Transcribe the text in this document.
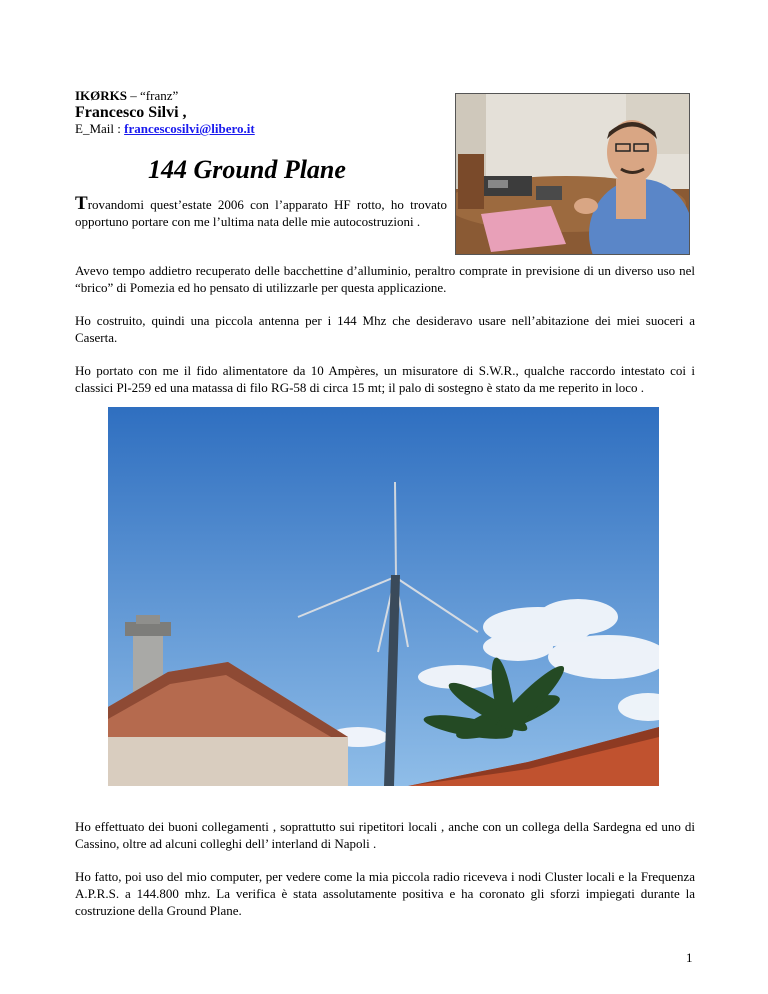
IKØRKS – “franz”
Francesco Silvi ,
E_Mail : francescosilvi@libero.it
144 Ground Plane
Trovandomi quest’estate 2006 con l’apparato HF rotto, ho trovato opportuno portare con me l’ultima nata delle mie autocostruzioni .
Avevo tempo addietro recuperato delle bacchettine d’alluminio, peraltro comprate in previsione di un diverso uso nel “brico” di Pomezia ed ho pensato di utilizzarle per questa applicazione.
Ho costruito, quindi una piccola antenna per i 144 Mhz che desideravo usare nell’abitazione dei miei suoceri a Caserta.
Ho portato con me il fido alimentatore da 10 Ampères, un misuratore di S.W.R., qualche raccordo intestato coi i classici Pl-259 ed una matassa di filo RG-58 di circa 15 mt; il palo di sostegno è stato da me reperito in loco .
Ho effettuato dei buoni collegamenti , soprattutto sui ripetitori locali , anche con un collega della Sardegna ed uno di Cassino, oltre ad alcuni colleghi dell’ interland di Napoli .
Ho fatto, poi uso del mio computer, per vedere come la mia piccola radio riceveva i nodi Cluster locali e la Frequenza A.P.R.S. a 144.800 mhz. La verifica è stata assolutamente positiva e ha coronato gli sforzi impiegati durante la costruzione della Ground Plane.
1
